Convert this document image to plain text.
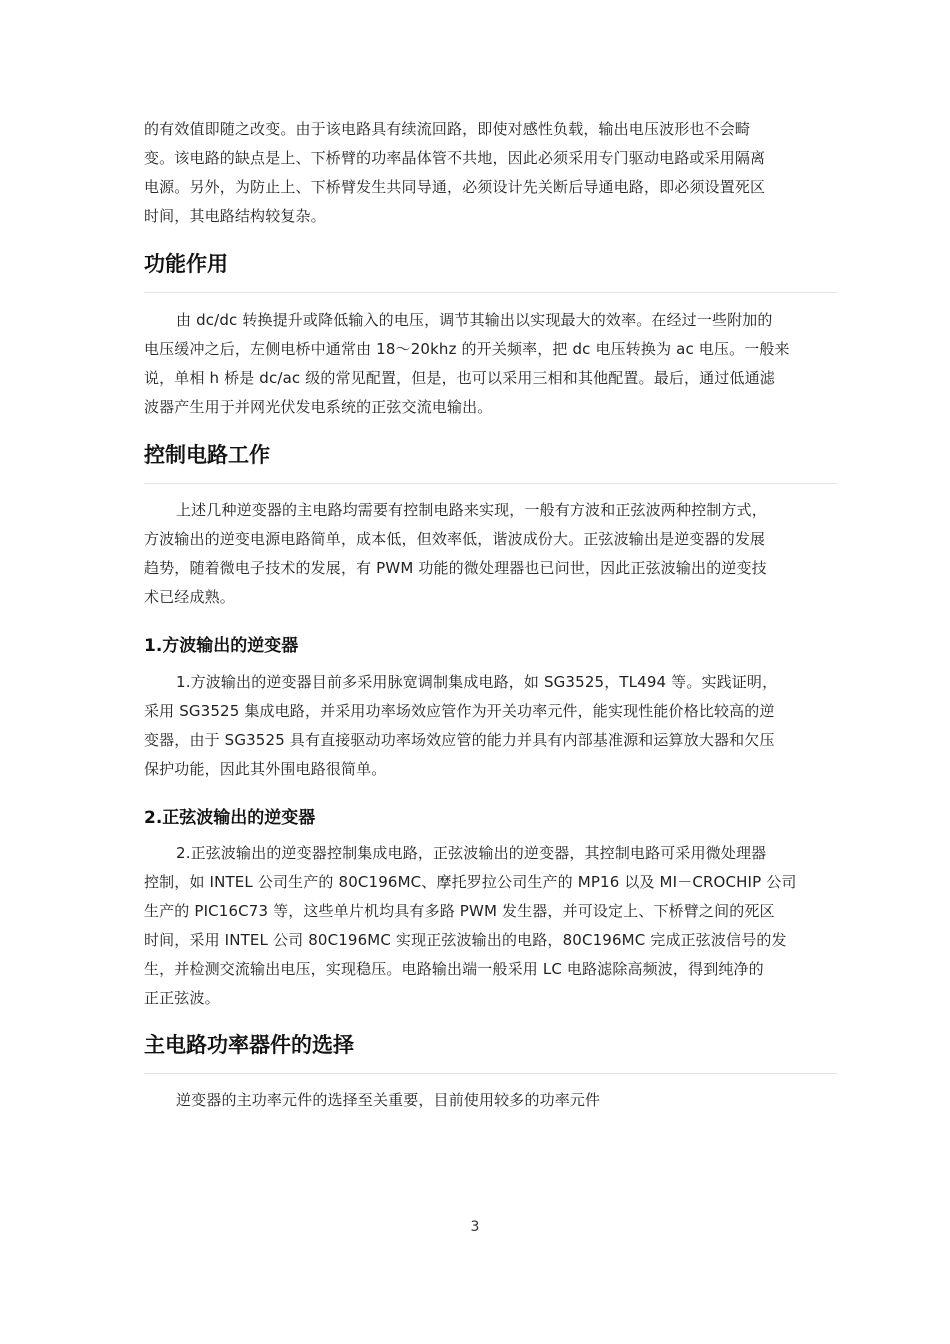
的有效值即随之改变。由于该电路具有续流回路，即使对感性负载，输出电压波形也不会畸
变。该电路的缺点是上、下桥臂的功率晶体管不共地，因此必须采用专门驱动电路或采用隔离
电源。另外，为防止上、下桥臂发生共同导通，必须设计先关断后导通电路，即必须设置死区
时间，其电路结构较复杂。

功能作用

由 dc/dc 转换提升或降低输入的电压，调节其输出以实现最大的效率。在经过一些附加的
电压缓冲之后，左侧电桥中通常由 18～20khz 的开关频率，把 dc 电压转换为 ac 电压。一般来
说，单相 h 桥是 dc/ac 级的常见配置，但是，也可以采用三相和其他配置。最后，通过低通滤
波器产生用于并网光伏发电系统的正弦交流电输出。

控制电路工作

上述几种逆变器的主电路均需要有控制电路来实现，一般有方波和正弦波两种控制方式，
方波输出的逆变电源电路简单，成本低，但效率低，谐波成份大。正弦波输出是逆变器的发展
趋势，随着微电子技术的发展，有 PWM 功能的微处理器也已问世，因此正弦波输出的逆变技
术已经成熟。

1.方波输出的逆变器

1.方波输出的逆变器目前多采用脉宽调制集成电路，如 SG3525，TL494 等。实践证明，
采用 SG3525 集成电路，并采用功率场效应管作为开关功率元件，能实现性能价格比较高的逆
变器，由于 SG3525 具有直接驱动功率场效应管的能力并具有内部基准源和运算放大器和欠压
保护功能，因此其外围电路很简单。

2.正弦波输出的逆变器

2.正弦波输出的逆变器控制集成电路，正弦波输出的逆变器，其控制电路可采用微处理器
控制，如 INTEL 公司生产的 80C196MC、摩托罗拉公司生产的 MP16 以及 MI－CROCHIP 公司
生产的 PIC16C73 等，这些单片机均具有多路 PWM 发生器，并可设定上、下桥臂之间的死区
时间，采用 INTEL 公司 80C196MC 实现正弦波输出的电路，80C196MC 完成正弦波信号的发
生，并检测交流输出电压，实现稳压。电路输出端一般采用 LC 电路滤除高频波，得到纯净的
正正弦波。

主电路功率器件的选择

逆变器的主功率元件的选择至关重要，目前使用较多的功率元件

3
